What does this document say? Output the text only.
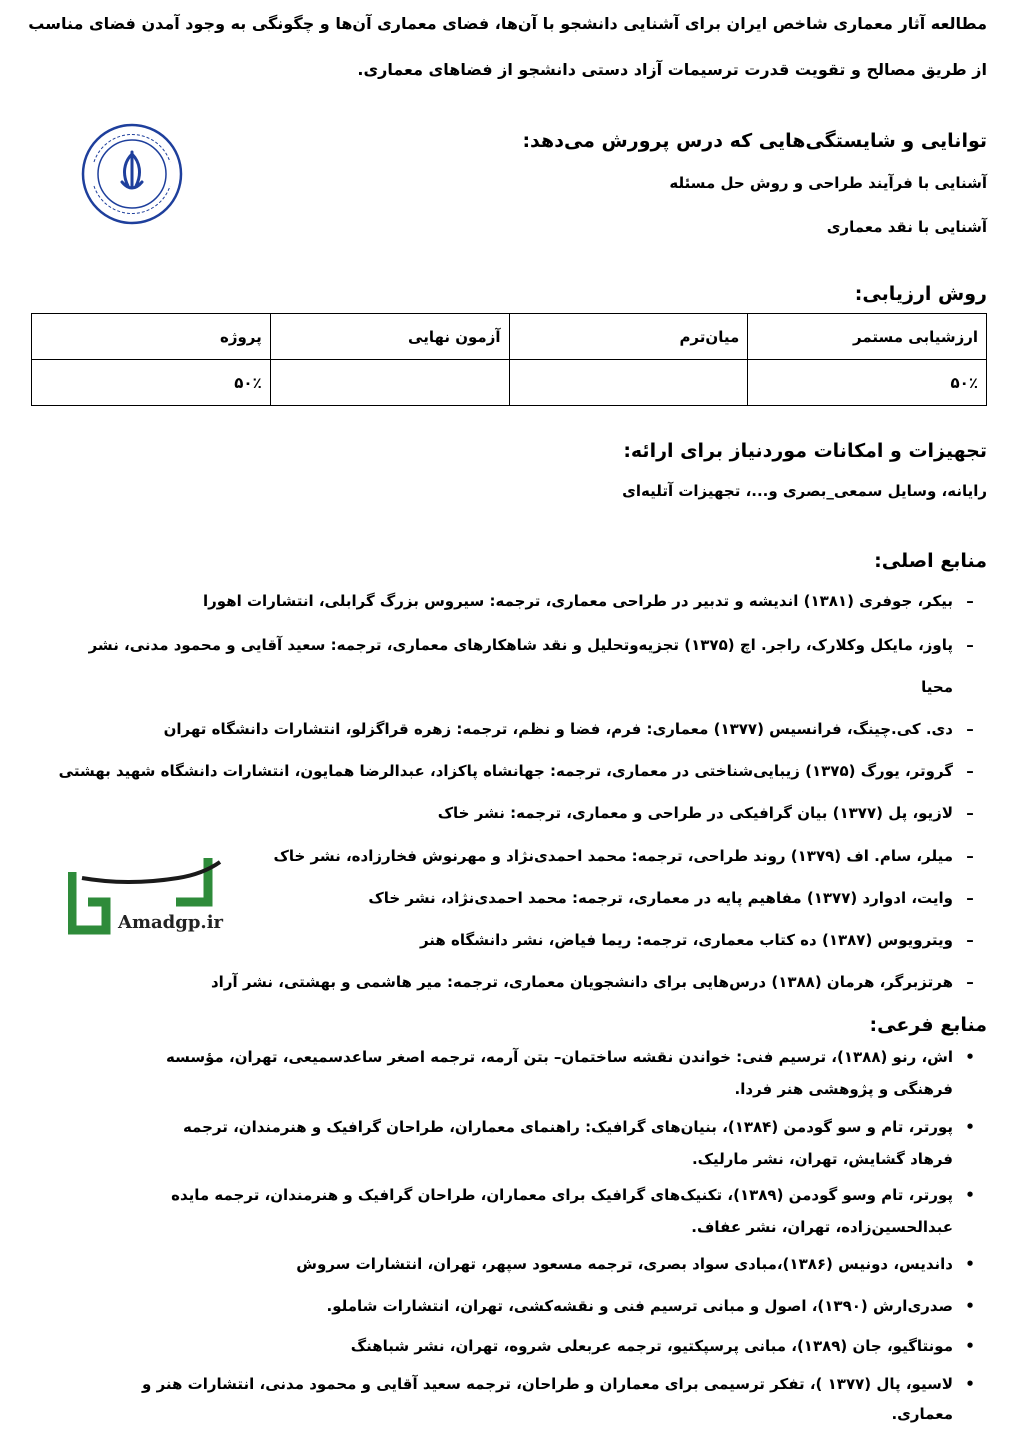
مطالعه آثار معماری شاخص ایران برای آشنایی دانشجو با آن‌ها، فضای معماری آن‌ها و چگونگی به وجود آمدن فضای مناسب
از طریق مصالح و تقویت قدرت ترسیمات آزاد دستی دانشجو از فضاهای معماری.
توانایی و شایستگی‌هایی که درس پرورش می‌دهد:
آشنایی با فرآیند طراحی و روش حل مسئله
آشنایی با نقد معماری
روش ارزیابی:
ارزشیابی مستمر	میان‌ترم	آزمون نهایی	پروژه
۵۰٪			۵۰٪
تجهیزات و امکانات موردنیاز برای ارائه:
رایانه، وسایل سمعی_بصری و...، تجهیزات آتلیه‌ای
منابع اصلی:
–بیکر، جوفری (۱۳۸۱) اندیشه و تدبیر در طراحی معماری، ترجمه: سیروس بزرگ گرابلی، انتشارات اهورا
–پاوز، مایکل وکلارک، راجر. اچ (۱۳۷۵) تجزیه‌وتحلیل و نقد شاهکارهای معماری، ترجمه: سعید آقایی و محمود مدنی، نشر
محیا
–دی. کی.چینگ، فرانسیس (۱۳۷۷) معماری: فرم، فضا و نظم، ترجمه: زهره قراگزلو، انتشارات دانشگاه تهران
–گروتر، یورگ (۱۳۷۵) زیبایی‌شناختی در معماری، ترجمه: جهانشاه پاکزاد، عبدالرضا همایون، انتشارات دانشگاه شهید بهشتی
–لازیو، پل (۱۳۷۷) بیان گرافیکی در طراحی و معماری، ترجمه: نشر خاک
–میلر، سام. اف (۱۳۷۹) روند طراحی، ترجمه: محمد احمدی‌نژاد و مهرنوش فخارزاده، نشر خاک
–وایت، ادوارد (۱۳۷۷) مفاهیم پایه در معماری، ترجمه: محمد احمدی‌نژاد، نشر خاک
–ویترویوس (۱۳۸۷) ده کتاب معماری، ترجمه: ریما فیاض، نشر دانشگاه هنر
–هرتزبرگر، هرمان (۱۳۸۸) درس‌هایی برای دانشجویان معماری، ترجمه: میر هاشمی و بهشتی، نشر آراد
Amadgp.ir
منابع فرعی:
•اش، رنو (۱۳۸۸)، ترسیم فنی: خواندن نقشه ساختمان– بتن آرمه، ترجمه اصغر ساعدسمیعی، تهران، مؤسسه
فرهنگی و پژوهشی هنر فردا.
•پورتر، تام و سو گودمن (۱۳۸۴)، بنیان‌های گرافیک: راهنمای معماران، طراحان گرافیک و هنرمندان، ترجمه
فرهاد گشایش، تهران، نشر مارلیک.
•پورتر، تام وسو گودمن (۱۳۸۹)، تکنیک‌های گرافیک برای معماران، طراحان گرافیک و هنرمندان، ترجمه مایده
عبدالحسین‌زاده، تهران، نشر عفاف.
•داندیس، دونیس (۱۳۸۶)،مبادی سواد بصری، ترجمه مسعود سپهر، تهران، انتشارات سروش
•صدری‌ارش (۱۳۹۰)، اصول و مبانی ترسیم فنی و نقشه‌کشی، تهران، انتشارات شاملو.
•مونتاگیو، جان (۱۳۸۹)، مبانی پرسپکتیو، ترجمه عربعلی شروه، تهران، نشر شباهنگ
•لاسیو، پال (۱۳۷۷ )، تفکر ترسیمی برای معماران و طراحان، ترجمه سعید آقایی و محمود مدنی، انتشارات هنر و
معماری.
